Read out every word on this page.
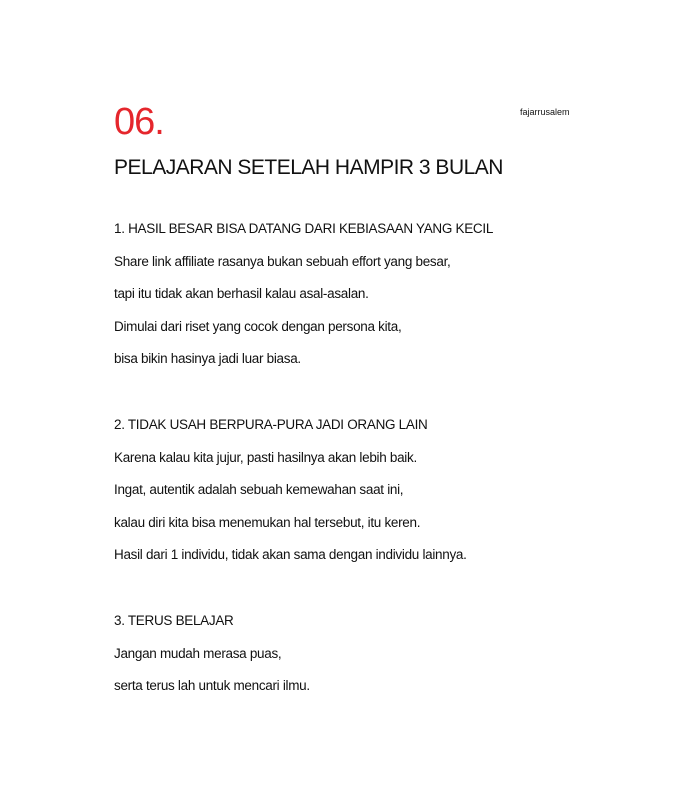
06.	fajarrusalem
PELAJARAN SETELAH HAMPIR 3 BULAN
1. HASIL BESAR BISA DATANG DARI KEBIASAAN YANG KECIL
Share link affiliate rasanya bukan sebuah effort yang besar,
tapi itu tidak akan berhasil kalau asal-asalan.
Dimulai dari riset yang cocok dengan persona kita,
bisa bikin hasinya jadi luar biasa.
2. TIDAK USAH BERPURA-PURA JADI ORANG LAIN
Karena kalau kita jujur, pasti hasilnya akan lebih baik.
Ingat, autentik adalah sebuah kemewahan saat ini,
kalau diri kita bisa menemukan hal tersebut, itu keren.
Hasil dari 1 individu, tidak akan sama dengan individu lainnya.
3. TERUS BELAJAR
Jangan mudah merasa puas,
serta terus lah untuk mencari ilmu.
